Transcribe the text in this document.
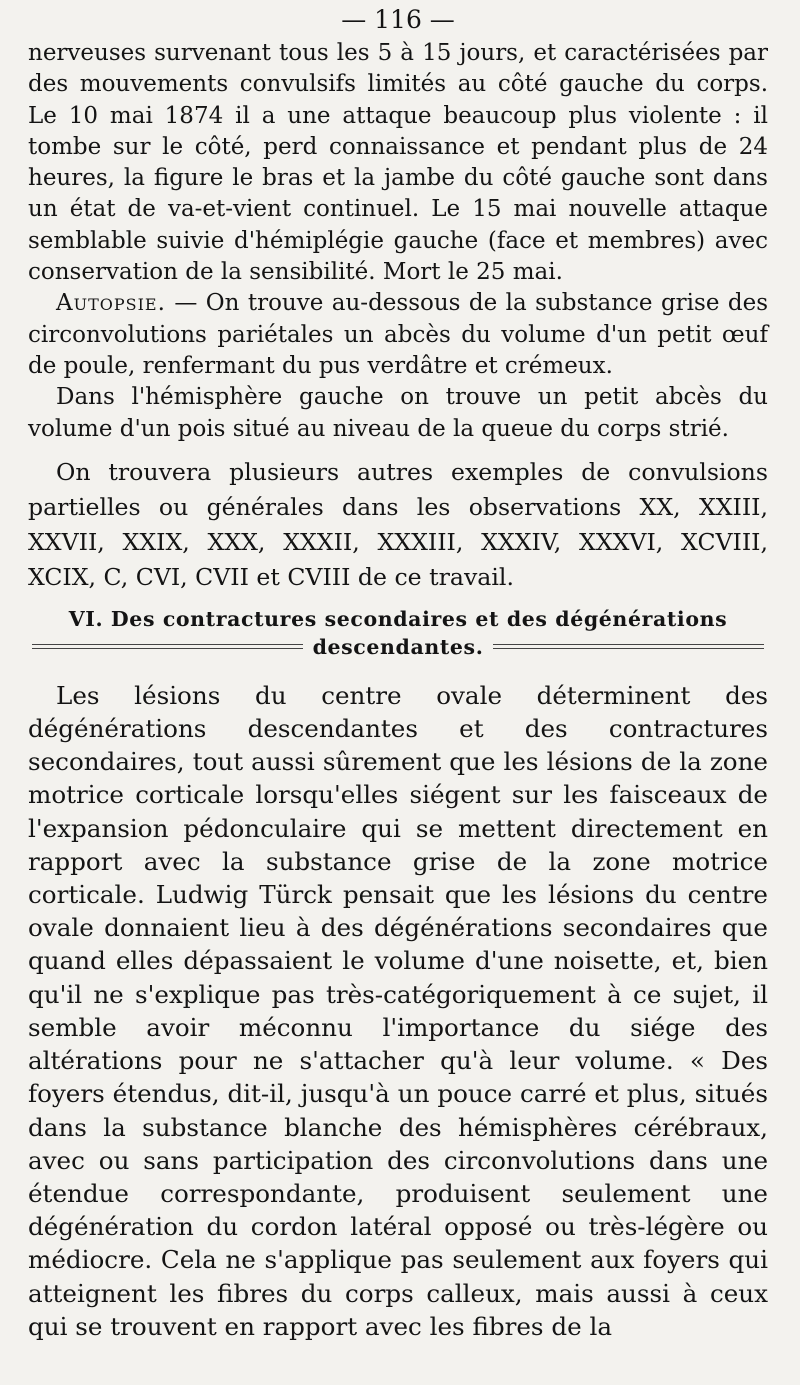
— 116 —

nerveuses survenant tous les 5 à 15 jours, et caractérisées par des mouvements convulsifs limités au côté gauche du corps. Le 10 mai 1874 il a une attaque beaucoup plus violente : il tombe sur le côté, perd connaissance et pendant plus de 24 heures, la figure le bras et la jambe du côté gauche sont dans un état de va-et-vient continuel. Le 15 mai nouvelle attaque semblable suivie d'hémiplégie gauche (face et membres) avec conservation de la sensibilité. Mort le 25 mai.

Autopsie. — On trouve au-dessous de la substance grise des circonvolutions pariétales un abcès du volume d'un petit œuf de poule, renfermant du pus verdâtre et crémeux.

Dans l'hémisphère gauche on trouve un petit abcès du volume d'un pois situé au niveau de la queue du corps strié.

On trouvera plusieurs autres exemples de convulsions partielles ou générales dans les observations XX, XXIII, XXVII, XXIX, XXX, XXXII, XXXIII, XXXIV, XXXVI, XCVIII, XCIX, C, CVI, CVII et CVIII de ce travail.

VI. Des contractures secondaires et des dégénérations
descendantes.

Les lésions du centre ovale déterminent des dégénérations descendantes et des contractures secondaires, tout aussi sûrement que les lésions de la zone motrice corticale lorsqu'elles siégent sur les faisceaux de l'expansion pédonculaire qui se mettent directement en rapport avec la substance grise de la zone motrice corticale. Ludwig Türck pensait que les lésions du centre ovale donnaient lieu à des dégénérations secondaires que quand elles dépassaient le volume d'une noisette, et, bien qu'il ne s'explique pas très-catégoriquement à ce sujet, il semble avoir méconnu l'importance du siége des altérations pour ne s'attacher qu'à leur volume. « Des foyers étendus, dit-il, jusqu'à un pouce carré et plus, situés dans la substance blanche des hémisphères cérébraux, avec ou sans participation des circonvolutions dans une étendue correspondante, produisent seulement une dégénération du cordon latéral opposé ou très-légère ou médiocre. Cela ne s'applique pas seulement aux foyers qui atteignent les fibres du corps calleux, mais aussi à ceux qui se trouvent en rapport avec les fibres de la
